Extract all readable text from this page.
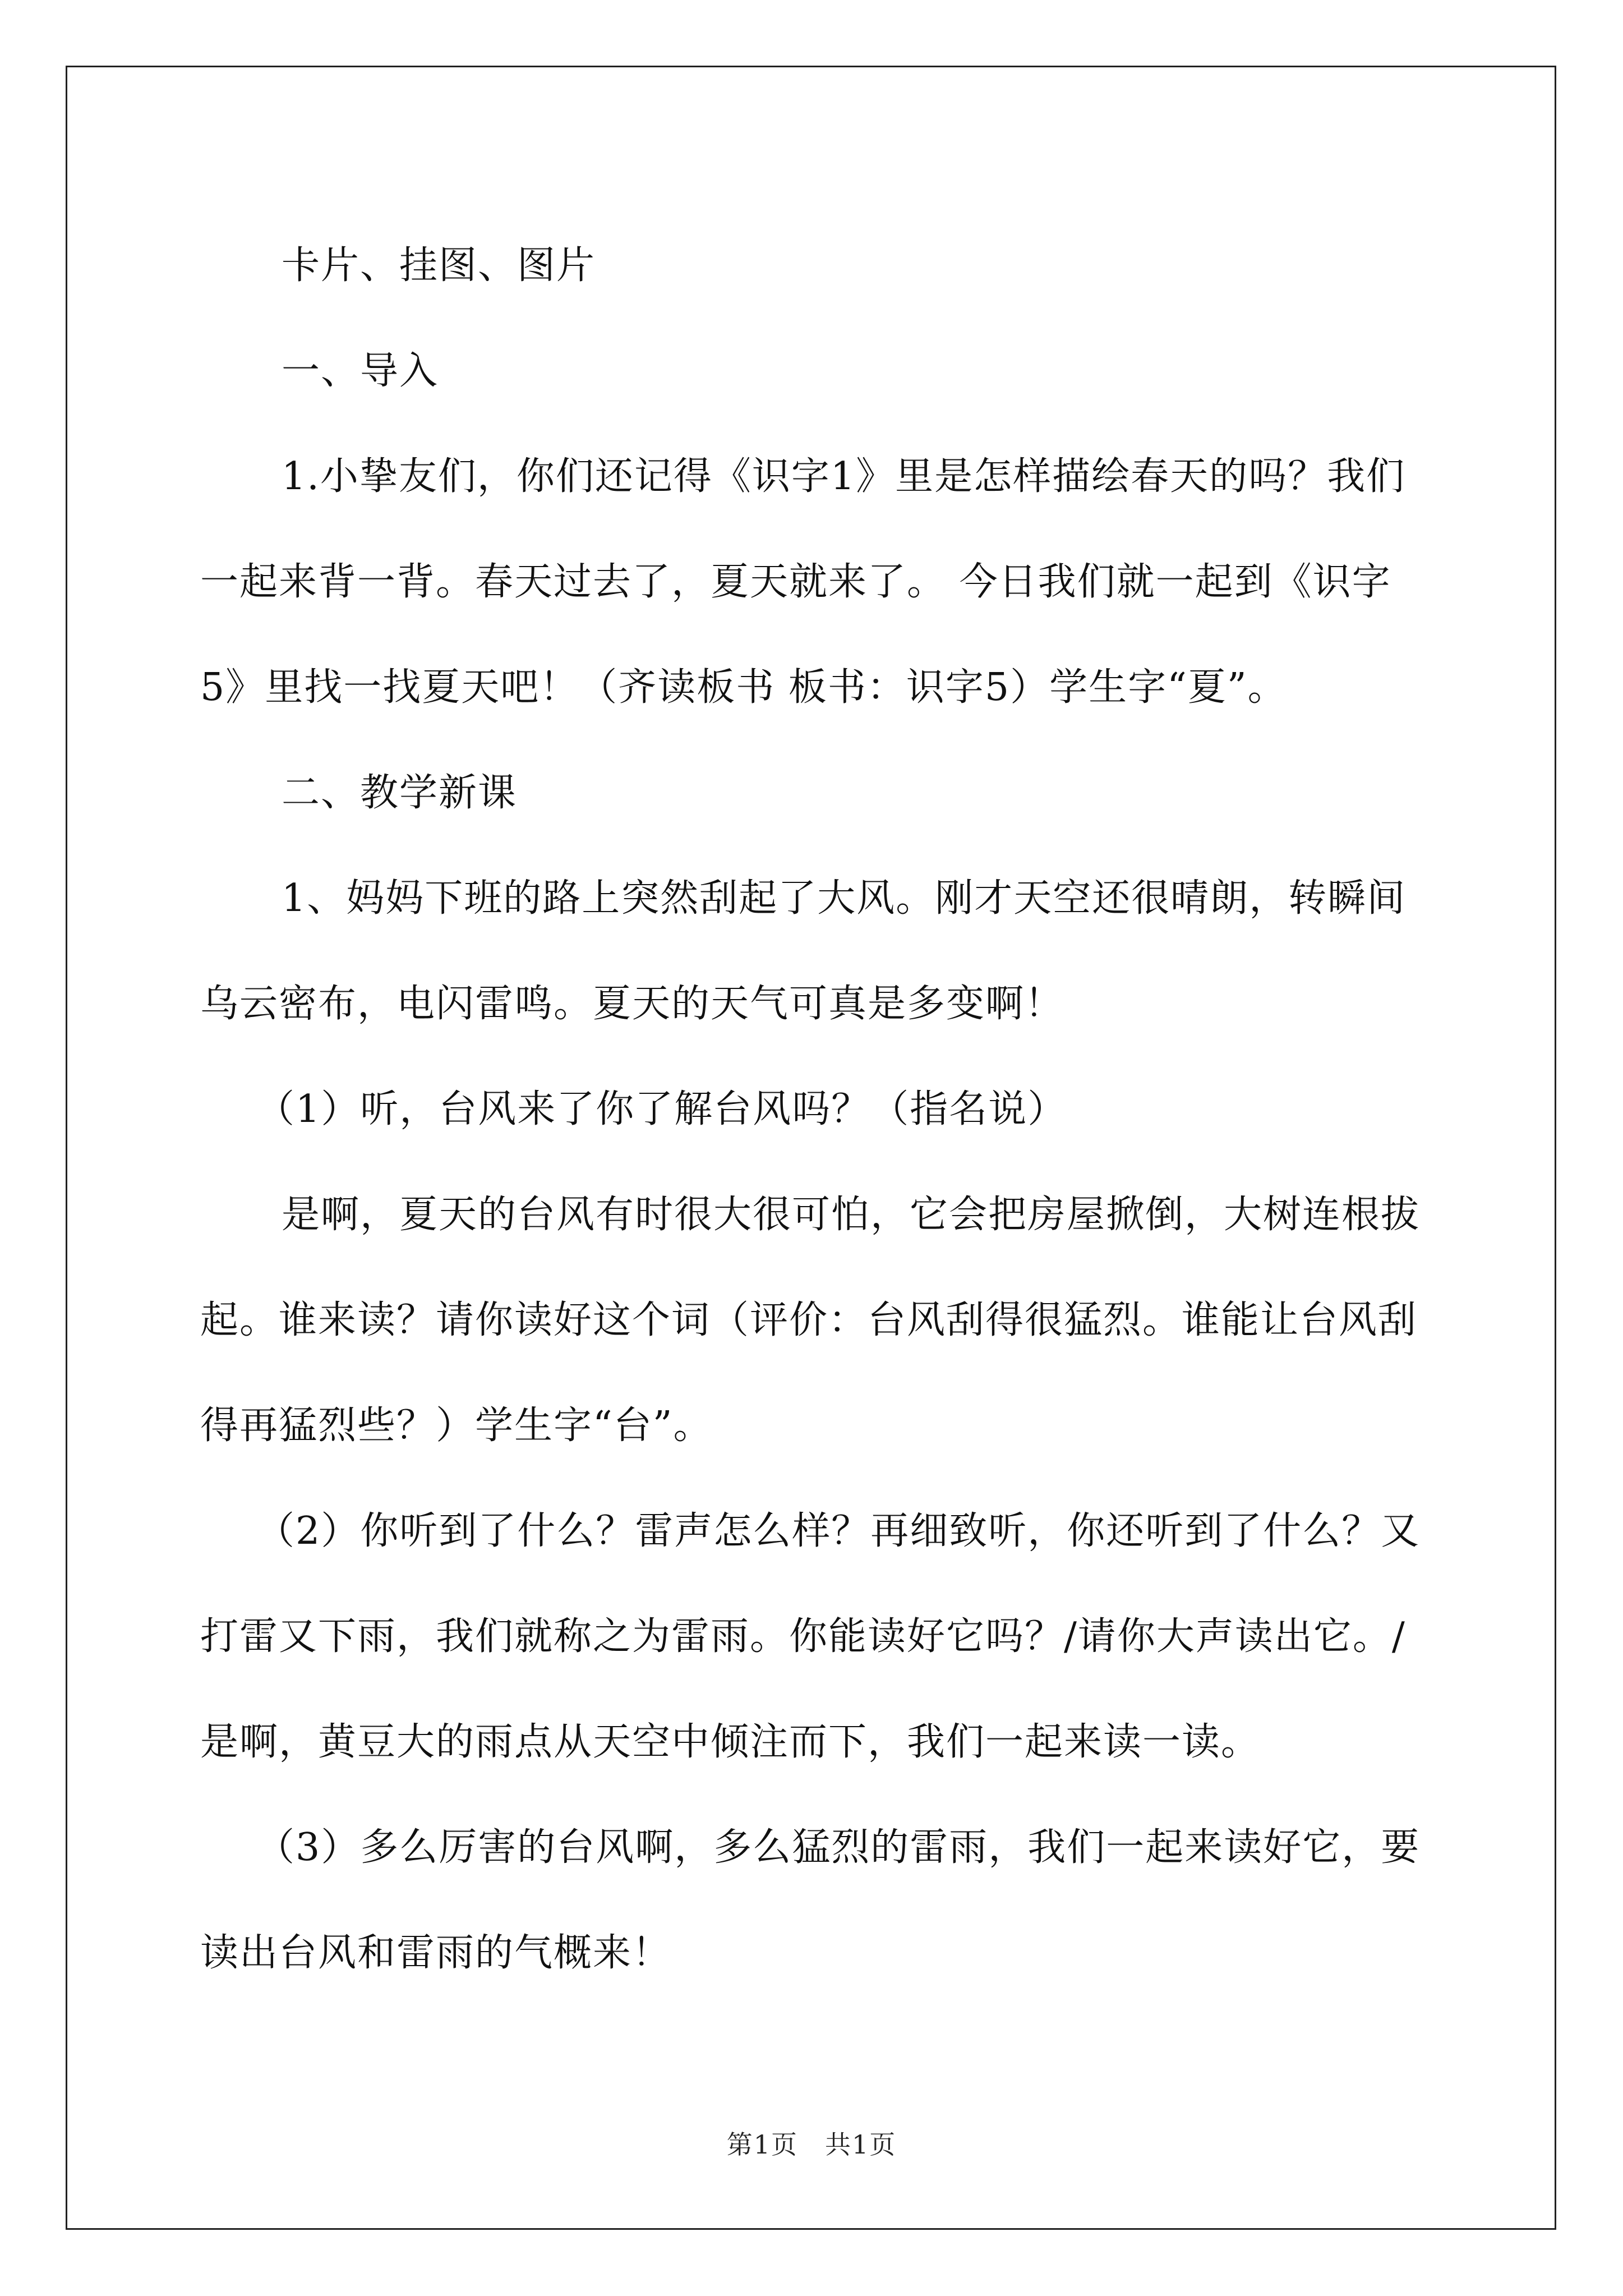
卡片、挂图、图片

一、导入

1.小挚友们，你们还记得《识字1》里是怎样描绘春天的吗？我们一起来背一背。春天过去了，夏天就来了。 今日我们就一起到《识字5》里找一找夏天吧！（齐读板书 板书：识字5）学生字“夏”。

二、教学新课

1、妈妈下班的路上突然刮起了大风。刚才天空还很晴朗，转瞬间乌云密布，电闪雷鸣。夏天的天气可真是多变啊！

（1）听，台风来了你了解台风吗？（指名说）

是啊，夏天的台风有时很大很可怕，它会把房屋掀倒，大树连根拔起。谁来读？请你读好这个词（评价：台风刮得很猛烈。谁能让台风刮得再猛烈些？）学生字“台”。

（2）你听到了什么？雷声怎么样？再细致听，你还听到了什么？又打雷又下雨，我们就称之为雷雨。你能读好它吗？/请你大声读出它。/是啊，黄豆大的雨点从天空中倾注而下，我们一起来读一读。

（3）多么厉害的台风啊，多么猛烈的雷雨，我们一起来读好它，要读出台风和雷雨的气概来！

第1页　共1页
